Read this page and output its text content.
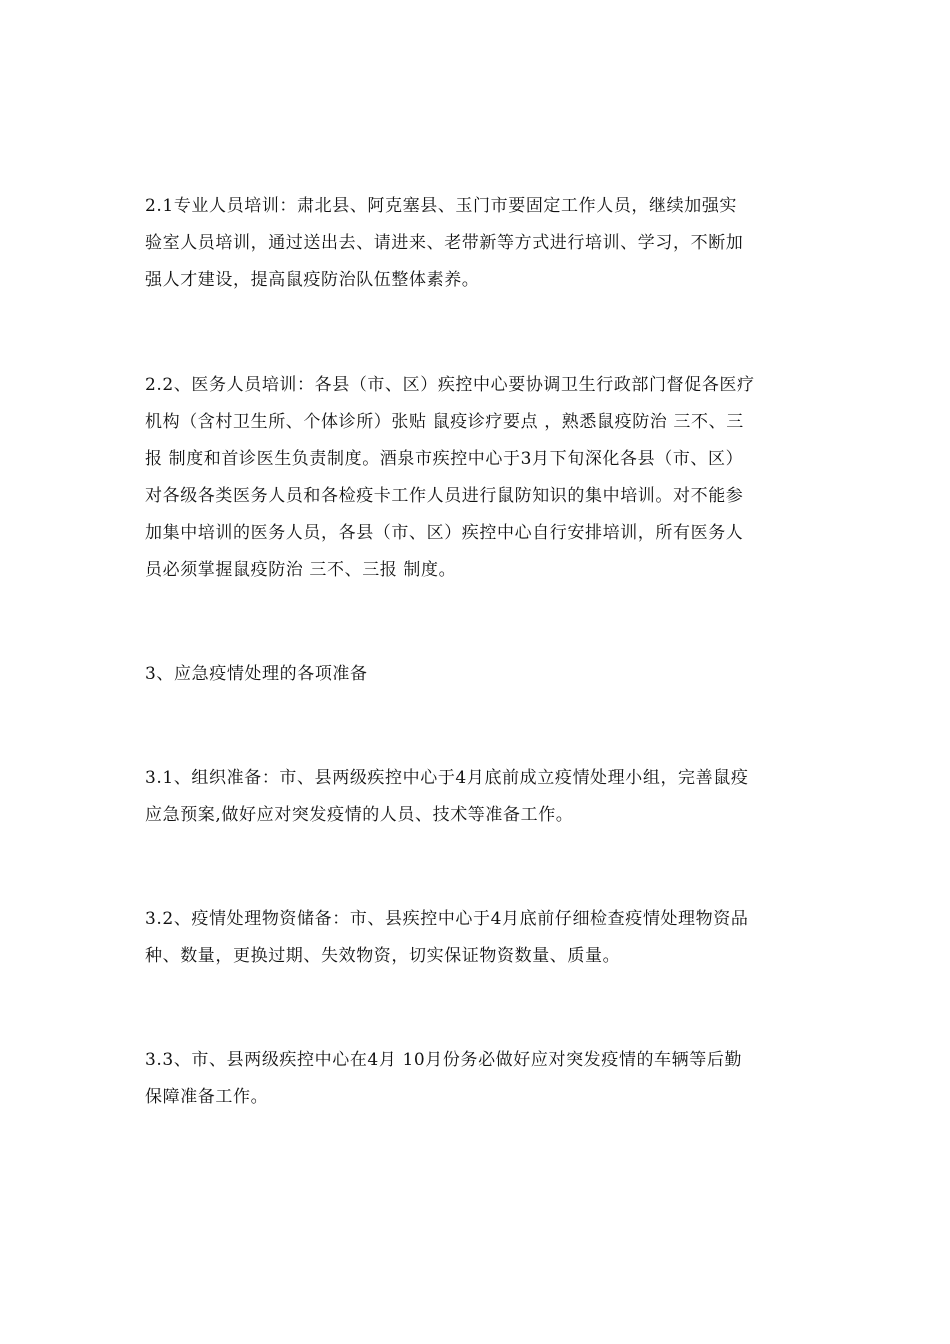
2.1专业人员培训：肃北县、阿克塞县、玉门市要固定工作人员，继续加强实
验室人员培训，通过送出去、请进来、老带新等方式进行培训、学习，不断加
强人才建设，提高鼠疫防治队伍整体素养。
2.2、医务人员培训：各县（市、区）疾控中心要协调卫生行政部门督促各医疗
机构（含村卫生所、个体诊所）张贴 鼠疫诊疗要点 ，熟悉鼠疫防治 三不、三
报 制度和首诊医生负责制度。酒泉市疾控中心于3月下旬深化各县（市、区）
对各级各类医务人员和各检疫卡工作人员进行鼠防知识的集中培训。对不能参
加集中培训的医务人员，各县（市、区）疾控中心自行安排培训，所有医务人
员必须掌握鼠疫防治 三不、三报 制度。
3、应急疫情处理的各项准备
3.1、组织准备：市、县两级疾控中心于4月底前成立疫情处理小组，完善鼠疫
应急预案,做好应对突发疫情的人员、技术等准备工作。
3.2、疫情处理物资储备：市、县疾控中心于4月底前仔细检查疫情处理物资品
种、数量，更换过期、失效物资，切实保证物资数量、质量。
3.3、市、县两级疾控中心在4月 10月份务必做好应对突发疫情的车辆等后勤
保障准备工作。
